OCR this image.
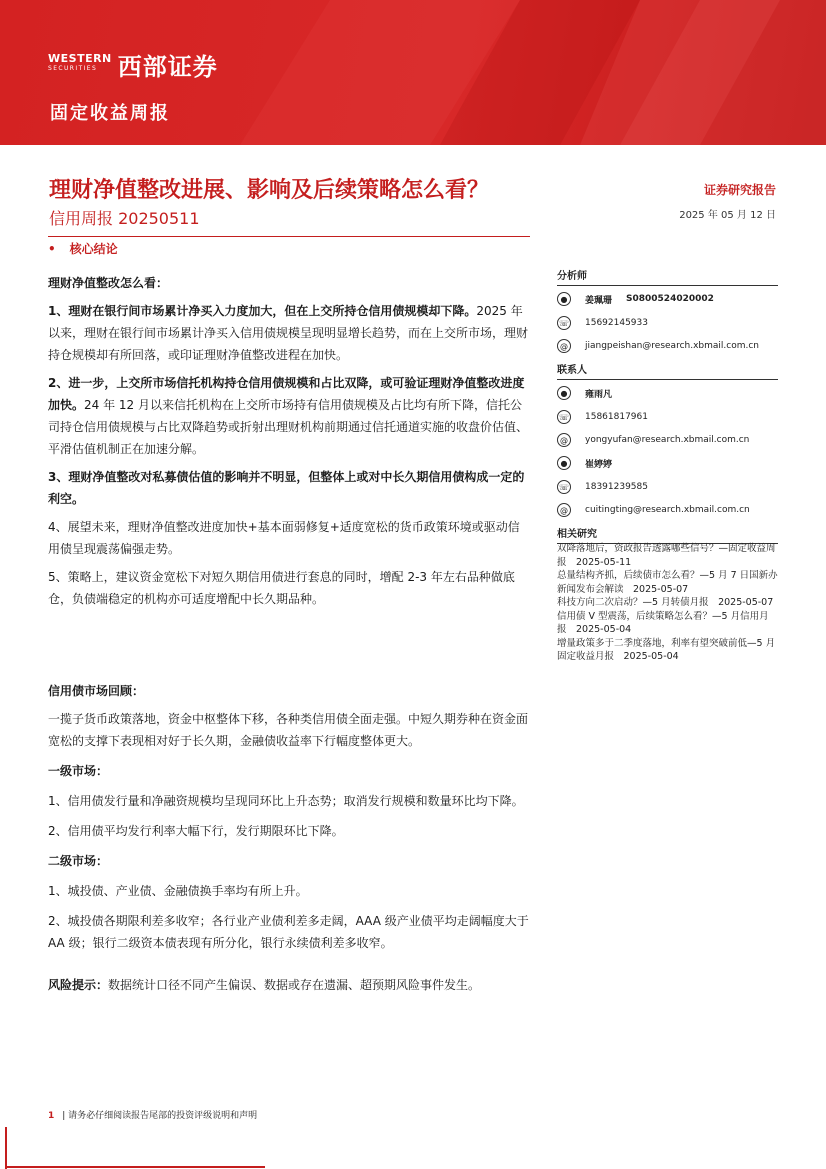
WESTERN
SECURITIES 西部证券
固定收益周报
理财净值整改进展、影响及后续策略怎么看？
信用周报 20250511
证券研究报告
2025 年 05 月 12 日
• 核心结论

理财净值整改怎么看：

1、理财在银行间市场累计净买入力度加大，但在上交所持仓信用债规模却下降。2025 年以来，理财在银行间市场累计净买入信用债规模呈现明显增长趋势，而在上交所市场，理财持仓规模却有所回落，或印证理财净值整改进程在加快。

2、进一步，上交所市场信托机构持仓信用债规模和占比双降，或可验证理财净值整改进度加快。24 年 12 月以来信托机构在上交所市场持有信用债规模及占比均有所下降，信托公司持仓信用债规模与占比双降趋势或折射出理财机构前期通过信托通道实施的收盘价估值、平滑估值机制正在加速分解。

3、理财净值整改对私募债估值的影响并不明显，但整体上或对中长久期信用债构成一定的利空。

4、展望未来，理财净值整改进度加快+基本面弱修复+适度宽松的货币政策环境或驱动信用债呈现震荡偏强走势。

5、策略上，建议资金宽松下对短久期信用债进行套息的同时，增配 2-3 年左右品种做底仓，负债端稳定的机构亦可适度增配中长久期品种。

信用债市场回顾：

一揽子货币政策落地，资金中枢整体下移，各种类信用债全面走强。中短久期券种在资金面宽松的支撑下表现相对好于长久期，金融债收益率下行幅度整体更大。

一级市场：

1、信用债发行量和净融资规模均呈现同环比上升态势；取消发行规模和数量环比均下降。

2、信用债平均发行利率大幅下行，发行期限环比下降。

二级市场：

1、城投债、产业债、金融债换手率均有所上升。

2、城投债各期限利差多收窄；各行业产业债利差多走阔，AAA 级产业债平均走阔幅度大于 AA 级；银行二级资本债表现有所分化，银行永续债利差多收窄。

风险提示：数据统计口径不同产生偏误、数据或存在遗漏、超预期风险事件发生。

分析师
●	姜珮珊 S0800524020002
☏ 15692145933
@	jiangpeishan@research.xbmail.com.cn
联系人
●	雍雨凡
☏ 15861817961
@	yongyufan@research.xbmail.com.cn
●	崔婷婷
☏ 18391239585
@	cuitingting@research.xbmail.com.cn
相关研究

双降落地后，资政报告透露哪些信号？—固定收益周报　2025-05-11

总量结构齐抓，后续债市怎么看？—5 月 7 日国新办新闻发布会解读　2025-05-07

科技方向二次启动？—5 月转债月报　2025-05-07

信用债 V 型震荡，后续策略怎么看？—5 月信用月报　2025-05-04

增量政策多于二季度落地，利率有望突破前低—5 月固定收益月报　2025-05-04

1 | 请务必仔细阅读报告尾部的投资评级说明和声明
